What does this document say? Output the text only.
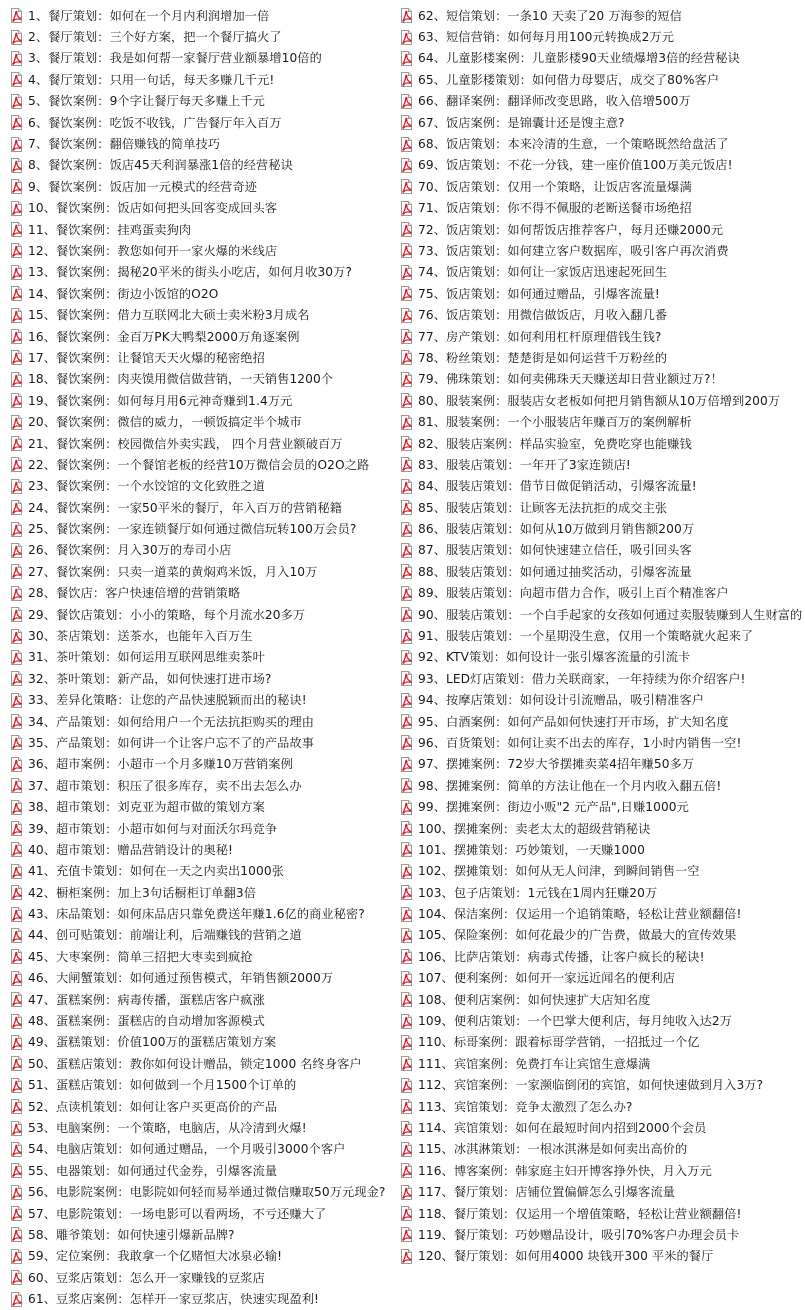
1、餐厅策划：如何在一个月内利润增加一倍
2、餐厅策划：三个好方案，把一个餐厅搞火了
3、餐厅策划：我是如何帮一家餐厅营业额暴增10倍的
4、餐厅策划：只用一句话，每天多赚几千元!
5、餐饮案例：9个字让餐厅每天多赚上千元
6、餐饮案例：吃饭不收钱，广告餐厅年入百万
7、餐饮案例：翻倍赚钱的简单技巧
8、餐饮案例：饭店45天利润暴涨1倍的经营秘诀
9、餐饮案例：饭店加一元模式的经营奇迹
10、餐饮案例：饭店如何把头回客变成回头客
11、餐饮案例：挂鸡蛋卖狗肉
12、餐饮案例：教您如何开一家火爆的米线店
13、餐饮案例：揭秘20平米的街头小吃店，如何月收30万?
14、餐饮案例：街边小饭馆的O2O
15、餐饮案例：借力互联网北大硕士卖米粉3月成名
16、餐饮案例：金百万PK大鸭梨2000万角逐案例
17、餐饮案例：让餐馆天天火爆的秘密绝招
18、餐饮案例：肉夹馍用微信做营销，一天销售1200个
19、餐饮案例：如何每月用6元神奇赚到1.4万元
20、餐饮案例：微信的威力，一顿饭搞定半个城市
21、餐饮案例：校园微信外卖实践， 四个月营业额破百万
22、餐饮案例：一个餐馆老板的经营10万微信会员的O2O之路
23、餐饮案例：一个水饺馆的文化致胜之道
24、餐饮案例：一家50平米的餐厅，年入百万的营销秘籍
25、餐饮案例：一家连锁餐厅如何通过微信玩转100万会员?
26、餐饮案例：月入30万的寿司小店
27、餐饮案例：只卖一道菜的黄焖鸡米饭，月入10万
28、餐饮店：客户快速倍增的营销策略
29、餐饮店策划：小小的策略，每个月流水20多万
30、茶店策划：送茶水，也能年入百万生
31、茶叶策划：如何运用互联网思维卖茶叶
32、茶叶策划：新产品，如何快速打进市场?
33、差异化策略：让您的产品快速脱颖而出的秘诀!
34、产品策划：如何给用户一个无法抗拒购买的理由
35、产品策划：如何讲一个让客户忘不了的产品故事
36、超市案例：小超市一个月多赚10万营销案例
37、超市策划：积压了很多库存，卖不出去怎么办
38、超市策划：刘克亚为超市做的策划方案
39、超市策划：小超市如何与对面沃尔玛竞争
40、超市策划：赠品营销设计的奥秘!
41、充值卡策划：如何在一天之内卖出1000张
42、橱柜案例：加上3句话橱柜订单翻3倍
43、床品策划：如何床品店只靠免费送年赚1.6亿的商业秘密?
44、创可贴策划：前端让利，后端赚钱的营销之道
45、大枣案例：简单三招把大枣卖到疯抢
46、大闸蟹策划：如何通过预售模式，年销售额2000万
47、蛋糕案例：病毒传播，蛋糕店客户疯涨
48、蛋糕案例：蛋糕店的自动增加客源模式
49、蛋糕策划：价值100万的蛋糕店策划方案
50、蛋糕店策划：教你如何设计赠品，锁定1000 名终身客户
51、蛋糕店策划：如何做到一个月1500个订单的
52、点读机策划：如何让客户买更高价的产品
53、电脑案例：一个策略，电脑店，从冷清到火爆!
54、电脑店策划：如何通过赠品，一个月吸引3000个客户
55、电器策划：如何通过代金券，引爆客流量
56、电影院案例：电影院如何轻而易举通过微信赚取50万元现金?
57、电影院策划：一场电影可以看两场，不亏还赚大了
58、雕爷策划：如何快速引爆新品牌?
59、定位案例：我敢拿一个亿赌恒大冰泉必输!
60、豆浆店策划：怎么开一家赚钱的豆浆店
61、豆浆店案例：怎样开一家豆浆店，快速实现盈利!
62、短信策划：一条10 天卖了20 万海参的短信
63、短信营销：如何每月用100元转换成2万元
64、儿童影楼案例：儿童影楼90天业绩爆增3倍的经营秘诀
65、儿童影楼策划：如何借力母婴店，成交了80%客户
66、翻译案例：翻译师改变思路，收入倍增500万
67、饭店案例：是锦囊计还是馊主意?
68、饭店策划：本来冷清的生意，一个策略既然给盘活了
69、饭店策划：不花一分钱，建一座价值100万美元饭店!
70、饭店策划：仅用一个策略，让饭店客流量爆满
71、饭店策划：你不得不佩服的老断送餐市场绝招
72、饭店策划：如何帮饭店推荐客户，每月还赚2000元
73、饭店策划：如何建立客户数据库，吸引客户再次消费
74、饭店策划：如何让一家饭店迅速起死回生
75、饭店策划：如何通过赠品，引爆客流量!
76、饭店策划：用微信做饭店，月收入翻几番
77、房产策划：如何利用杠杆原理借钱生钱?
78、粉丝策划：楚楚街是如何运营千万粉丝的
79、佛珠策划：如何卖佛珠天天赚送却日营业额过万?！
80、服装案例：服装店女老板如何把月销售额从10万倍增到200万
81、服装案例：一个小服装店年赚百万的案例解析
82、服装店案例：样品实验室，免费吃穿也能赚钱
83、服装店策划：一年开了3家连锁店!
84、服装店策划：借节日做促销活动，引爆客流量!
85、服装店策划：让顾客无法抗拒的成交主张
86、服装店策划：如何从10万做到月销售额200万
87、服装店策划：如何快速建立信任，吸引回头客
88、服装店策划：如何通过抽奖活动，引爆客流量
89、服装店策划：向超市借力合作，吸引上百个精准客户
90、服装店策划：一个白手起家的女孩如何通过卖服装赚到人生财富的
91、服装店策划：一个星期没生意，仅用一个策略就火起来了
92、KTV策划：如何设计一张引爆客流量的引流卡
93、LED灯店策划：借力关联商家，一年持续为你介绍客户!
94、按摩店策划：如何设计引流赠品，吸引精准客户
95、白酒案例：如何产品如何快速打开市场，扩大知名度
96、百货策划：如何让卖不出去的库存，1小时内销售一空!
97、摆摊案例：72岁大爷摆摊卖菜4招年赚50多万
98、摆摊案例：简单的方法让他在一个月内收入翻五倍!
99、摆摊案例：街边小贩"2 元产品",日赚1000元
100、摆摊案例：卖老太太的超级营销秘诀
101、摆摊策划：巧妙策划，一天赚1000
102、摆摊策划：如何从无人问津，到瞬间销售一空
103、包子店策划：1元钱在1周内狂赚20万
104、保洁案例：仅运用一个追销策略，轻松让营业额翻倍!
105、保险案例：如何花最少的广告费，做最大的宣传效果
106、比萨店策划：病毒式传播，让客户疯长的秘诀!
107、便利案例：如何开一家远近闻名的便利店
108、便利店案例：如何快速扩大店知名度
109、便利店策划：一个巴掌大便利店，每月纯收入达2万
110、标哥案例：跟着标哥学营销，一招抵过一个亿
111、宾馆案例：免费打车让宾馆生意爆满
112、宾馆案例：一家濒临倒闭的宾馆，如何快速做到月入3万?
113、宾馆策划：竞争太激烈了怎么办?
114、宾馆策划：如何在最短时间内招到2000个会员
115、冰淇淋策划：一根冰淇淋是如何卖出高价的
116、博客案例：韩家庭主妇开博客挣外快，月入万元
117、餐厅策划：店铺位置偏僻怎么引爆客流量
118、餐厅策划：仅运用一个增值策略，轻松让营业额翻倍!
119、餐厅策划：巧妙赠品设计，吸引70%客户办理会员卡
120、餐厅策划：如何用4000 块钱开300 平米的餐厅
